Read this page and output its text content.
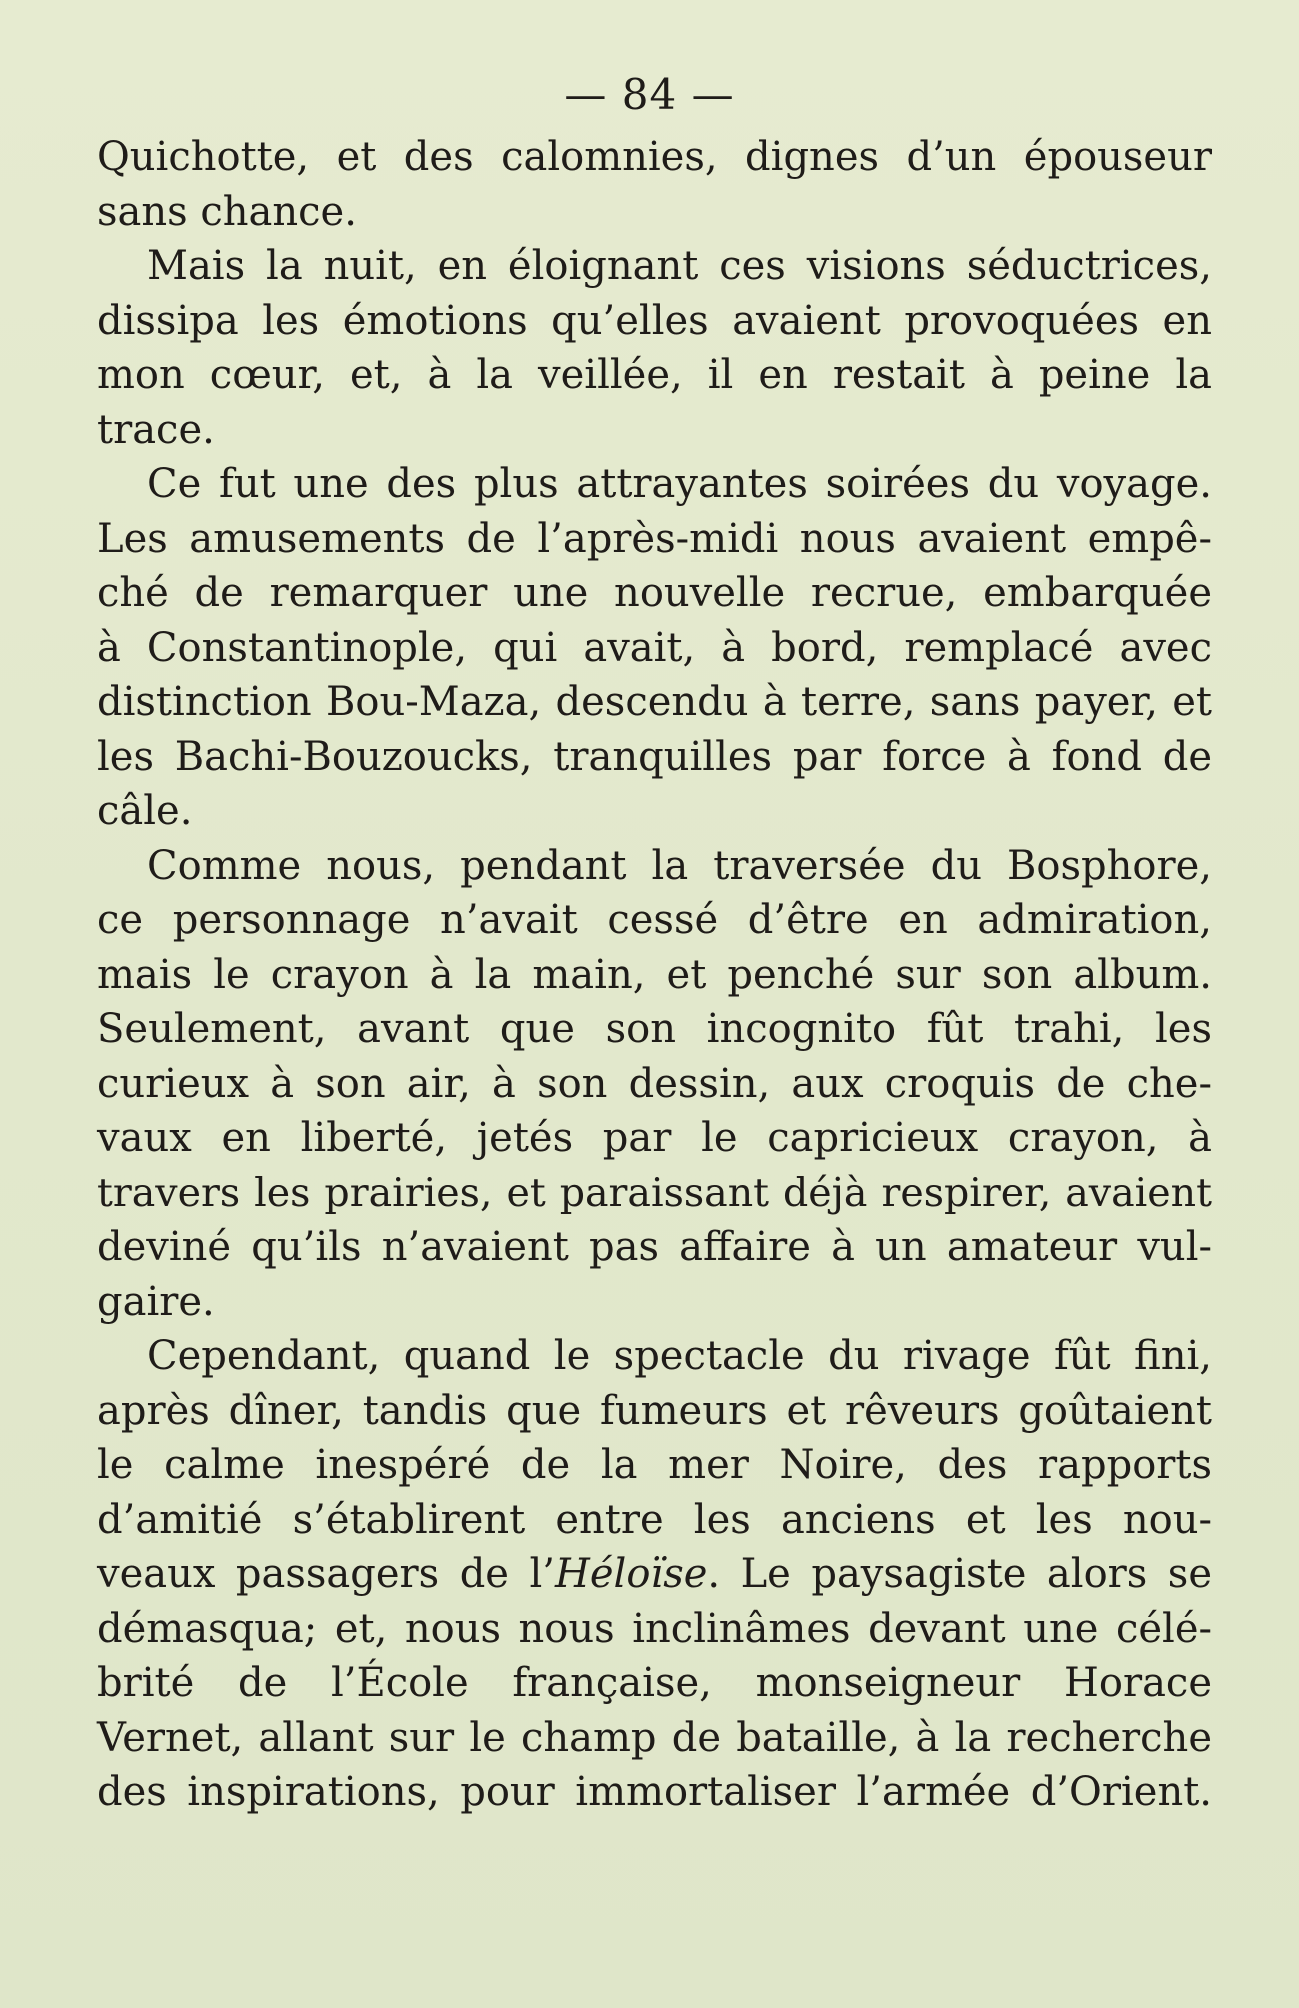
— 84 —
Quichotte, et des calomnies, dignes d’un épouseur
sans chance.
Mais la nuit, en éloignant ces visions séductrices,
dissipa les émotions qu’elles avaient provoquées en
mon cœur, et, à la veillée, il en restait à peine la
trace.
Ce fut une des plus attrayantes soirées du voyage.
Les amusements de l’après-midi nous avaient empê-
ché de remarquer une nouvelle recrue, embarquée
à Constantinople, qui avait, à bord, remplacé avec
distinction Bou-Maza, descendu à terre, sans payer, et
les Bachi-Bouzoucks, tranquilles par force à fond de
câle.
Comme nous, pendant la traversée du Bosphore,
ce personnage n’avait cessé d’être en admiration,
mais le crayon à la main, et penché sur son album.
Seulement, avant que son incognito fût trahi, les
curieux à son air, à son dessin, aux croquis de che-
vaux en liberté, jetés par le capricieux crayon, à
travers les prairies, et paraissant déjà respirer, avaient
deviné qu’ils n’avaient pas affaire à un amateur vul-
gaire.
Cependant, quand le spectacle du rivage fût fini,
après dîner, tandis que fumeurs et rêveurs goûtaient
le calme inespéré de la mer Noire, des rapports
d’amitié s’établirent entre les anciens et les nou-
veaux passagers de l’Héloïse. Le paysagiste alors se
démasqua; et, nous nous inclinâmes devant une célé-
brité de l’École française, monseigneur Horace
Vernet, allant sur le champ de bataille, à la recherche
des inspirations, pour immortaliser l’armée d’Orient.
